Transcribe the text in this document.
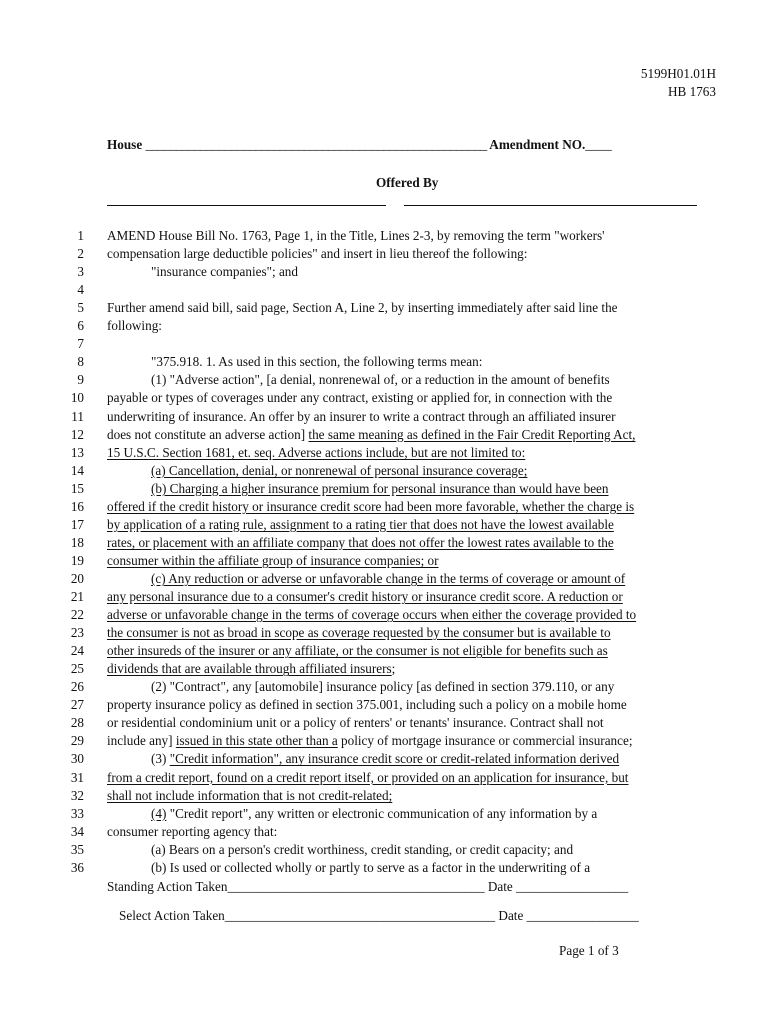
5199H01.01H
HB 1763
House ________________________________________________________ Amendment NO.____
Offered By
1 AMEND House Bill No. 1763, Page 1, in the Title, Lines 2-3, by removing the term "workers'
2 compensation large deductible policies" and insert in lieu thereof the following:
3	"insurance companies"; and
4
5 Further amend said bill, said page, Section A, Line 2, by inserting immediately after said line the
6 following:
7
8	"375.918. 1. As used in this section, the following terms mean:
9	(1) "Adverse action", [a denial, nonrenewal of, or a reduction in the amount of benefits
10 payable or types of coverages under any contract, existing or applied for, in connection with the
11 underwriting of insurance. An offer by an insurer to write a contract through an affiliated insurer
12 does not constitute an adverse action] the same meaning as defined in the Fair Credit Reporting Act,
13 15 U.S.C. Section 1681, et. seq. Adverse actions include, but are not limited to:
14	(a) Cancellation, denial, or nonrenewal of personal insurance coverage;
15	(b) Charging a higher insurance premium for personal insurance than would have been
16 offered if the credit history or insurance credit score had been more favorable, whether the charge is
17 by application of a rating rule, assignment to a rating tier that does not have the lowest available
18 rates, or placement with an affiliate company that does not offer the lowest rates available to the
19 consumer within the affiliate group of insurance companies; or
20	(c) Any reduction or adverse or unfavorable change in the terms of coverage or amount of
21 any personal insurance due to a consumer's credit history or insurance credit score. A reduction or
22 adverse or unfavorable change in the terms of coverage occurs when either the coverage provided to
23 the consumer is not as broad in scope as coverage requested by the consumer but is available to
24 other insureds of the insurer or any affiliate, or the consumer is not eligible for benefits such as
25 dividends that are available through affiliated insurers;
26	(2) "Contract", any [automobile] insurance policy [as defined in section 379.110, or any
27 property insurance policy as defined in section 375.001, including such a policy on a mobile home
28 or residential condominium unit or a policy of renters' or tenants' insurance. Contract shall not
29 include any] issued in this state other than a policy of mortgage insurance or commercial insurance;
30	(3) "Credit information", any insurance credit score or credit-related information derived
31 from a credit report, found on a credit report itself, or provided on an application for insurance, but
32 shall not include information that is not credit-related;
33	(4) "Credit report", any written or electronic communication of any information by a
34 consumer reporting agency that:
35	(a) Bears on a person's credit worthiness, credit standing, or credit capacity; and
36	(b) Is used or collected wholly or partly to serve as a factor in the underwriting of a
Standing Action Taken_______________________________________ Date _________________
Select Action Taken_________________________________________ Date _________________
Page 1 of 3
